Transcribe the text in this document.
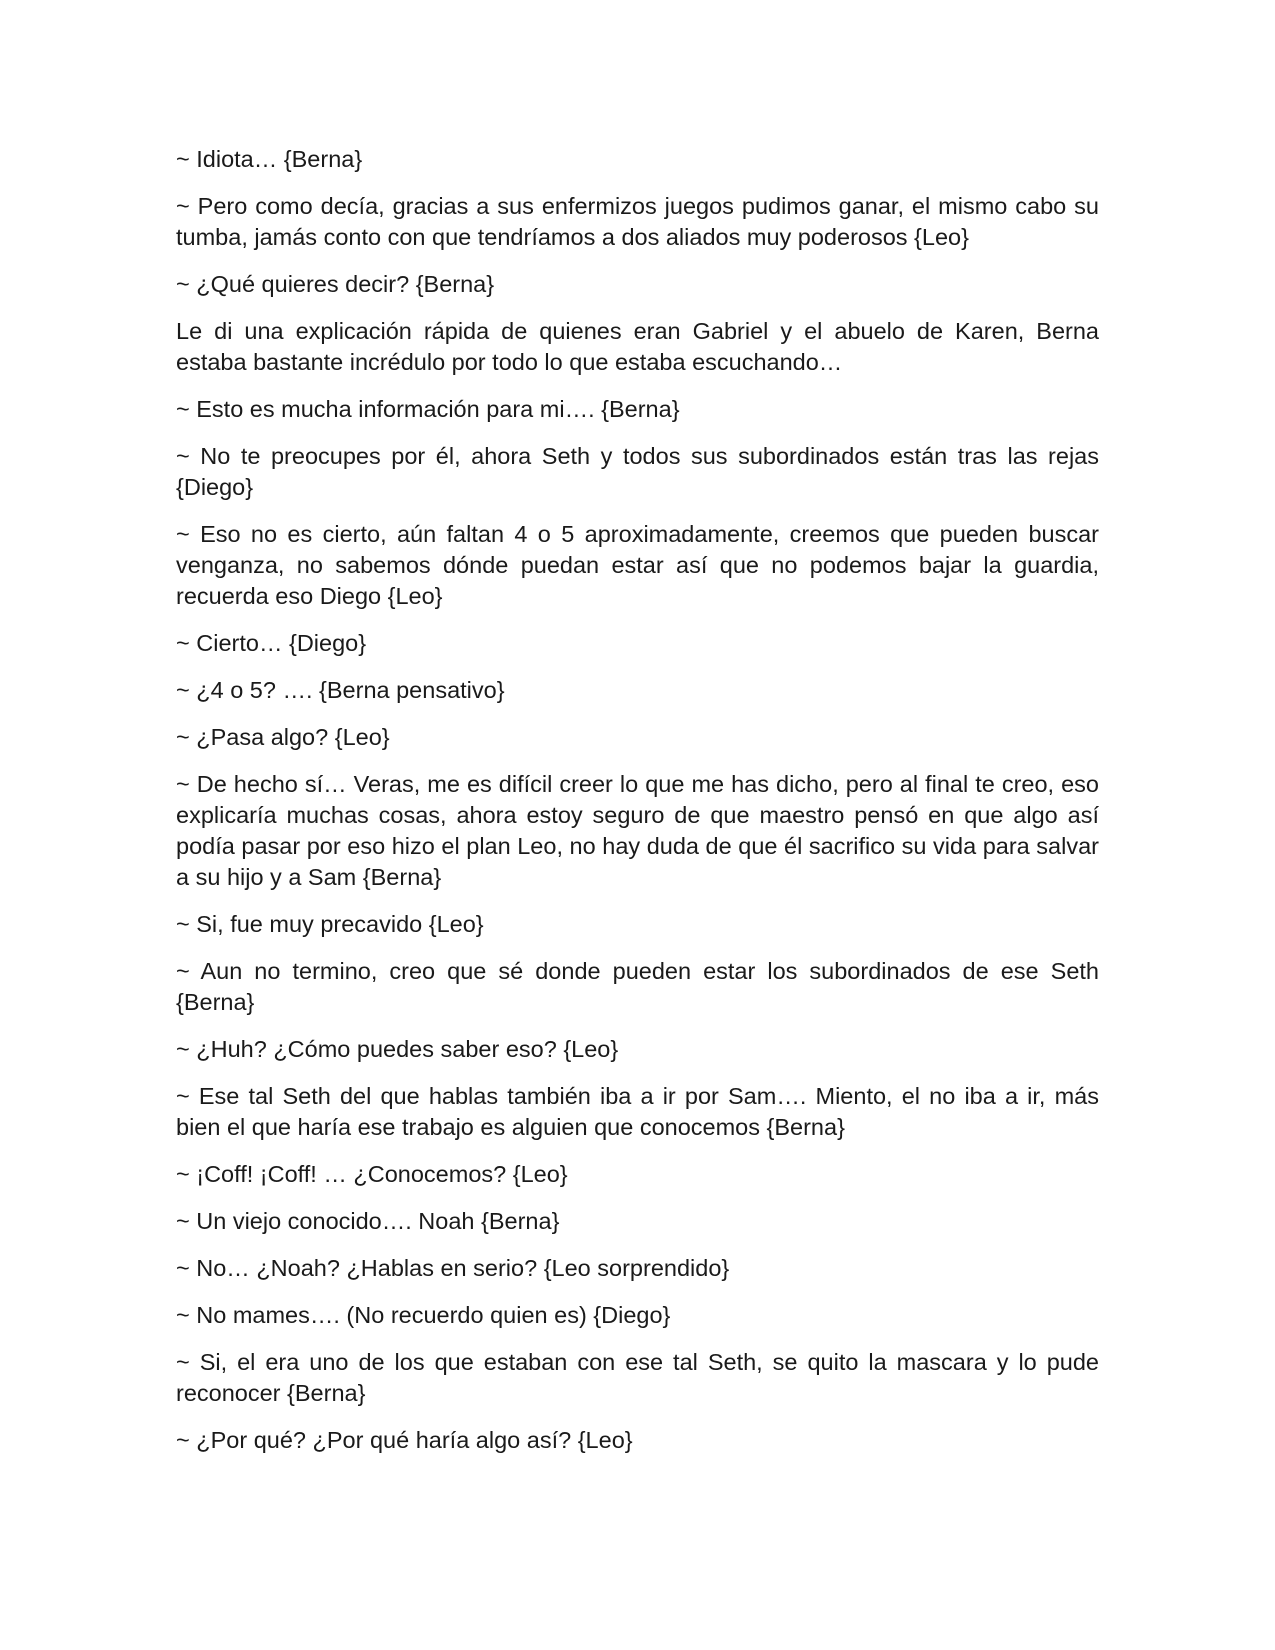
~ Idiota… {Berna}

~ Pero como decía, gracias a sus enfermizos juegos pudimos ganar, el mismo cabo su tumba, jamás conto con que tendríamos a dos aliados muy poderosos {Leo}

~ ¿Qué quieres decir? {Berna}

Le di una explicación rápida de quienes eran Gabriel y el abuelo de Karen, Berna estaba bastante incrédulo por todo lo que estaba escuchando…

~ Esto es mucha información para mi…. {Berna}

~ No te preocupes por él, ahora Seth y todos sus subordinados están tras las rejas {Diego}

~ Eso no es cierto, aún faltan 4 o 5 aproximadamente, creemos que pueden buscar venganza, no sabemos dónde puedan estar así que no podemos bajar la guardia, recuerda eso Diego {Leo}

~ Cierto… {Diego}

~ ¿4 o 5? …. {Berna pensativo}

~ ¿Pasa algo? {Leo}

~ De hecho sí… Veras, me es difícil creer lo que me has dicho, pero al final te creo, eso explicaría muchas cosas, ahora estoy seguro de que maestro pensó en que algo así podía pasar por eso hizo el plan Leo, no hay duda de que él sacrifico su vida para salvar a su hijo y a Sam {Berna}

~ Si, fue muy precavido {Leo}

~ Aun no termino, creo que sé donde pueden estar los subordinados de ese Seth {Berna}

~ ¿Huh? ¿Cómo puedes saber eso? {Leo}

~ Ese tal Seth del que hablas también iba a ir por Sam…. Miento, el no iba a ir, más bien el que haría ese trabajo es alguien que conocemos {Berna}

~ ¡Coff! ¡Coff! … ¿Conocemos? {Leo}

~ Un viejo conocido…. Noah {Berna}

~ No… ¿Noah? ¿Hablas en serio? {Leo sorprendido}

~ No mames…. (No recuerdo quien es) {Diego}

~ Si, el era uno de los que estaban con ese tal Seth, se quito la mascara y lo pude reconocer {Berna}

~ ¿Por qué? ¿Por qué haría algo así? {Leo}
